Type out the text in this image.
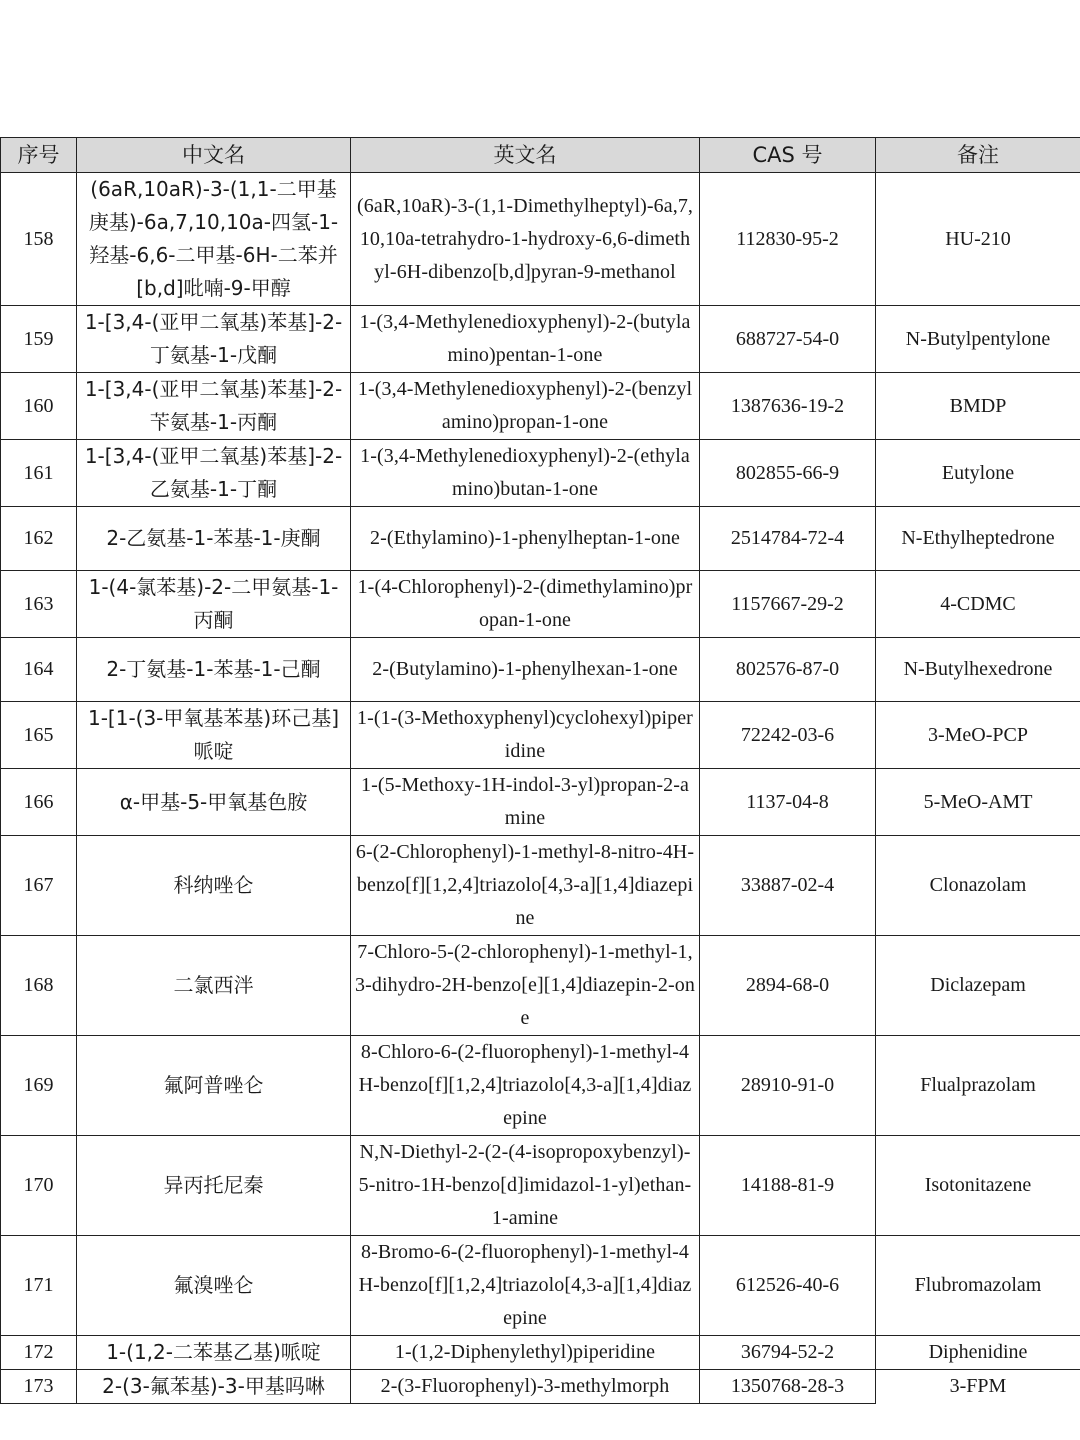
序号	中文名	英文名	CAS 号	备注
158	(6aR,10aR)-3-(1,1-二甲基庚基)-6a,7,10,10a-四氢-1-羟基-6,6-二甲基-6H-二苯并[b,d]吡喃-9-甲醇	(6aR,10aR)-3-(1,1-Dimethylheptyl)-6a,7,10,10a-tetrahydro-1-hydroxy-6,6-dimethyl-6H-dibenzo[b,d]pyran-9-methanol	112830-95-2	HU-210
159	1-[3,4-(亚甲二氧基)苯基]-2-丁氨基-1-戊酮	1-(3,4-Methylenedioxyphenyl)-2-(butylamino)pentan-1-one	688727-54-0	N-Butylpentylone
160	1-[3,4-(亚甲二氧基)苯基]-2-苄氨基-1-丙酮	1-(3,4-Methylenedioxyphenyl)-2-(benzylamino)propan-1-one	1387636-19-2	BMDP
161	1-[3,4-(亚甲二氧基)苯基]-2-乙氨基-1-丁酮	1-(3,4-Methylenedioxyphenyl)-2-(ethylamino)butan-1-one	802855-66-9	Eutylone
162	2-乙氨基-1-苯基-1-庚酮	2-(Ethylamino)-1-phenylheptan-1-one	2514784-72-4	N-Ethylheptedrone
163	1-(4-氯苯基)-2-二甲氨基-1-丙酮	1-(4-Chlorophenyl)-2-(dimethylamino)propan-1-one	1157667-29-2	4-CDMC
164	2-丁氨基-1-苯基-1-己酮	2-(Butylamino)-1-phenylhexan-1-one	802576-87-0	N-Butylhexedrone
165	1-[1-(3-甲氧基苯基)环己基]哌啶	1-(1-(3-Methoxyphenyl)cyclohexyl)piperidine	72242-03-6	3-MeO-PCP
166	α-甲基-5-甲氧基色胺	1-(5-Methoxy-1H-indol-3-yl)propan-2-amine	1137-04-8	5-MeO-AMT
167	科纳唑仑	6-(2-Chlorophenyl)-1-methyl-8-nitro-4H-benzo[f][1,2,4]triazolo[4,3-a][1,4]diazepine	33887-02-4	Clonazolam
168	二氯西泮	7-Chloro-5-(2-chlorophenyl)-1-methyl-1,3-dihydro-2H-benzo[e][1,4]diazepin-2-one	2894-68-0	Diclazepam
169	氟阿普唑仑	8-Chloro-6-(2-fluorophenyl)-1-methyl-4H-benzo[f][1,2,4]triazolo[4,3-a][1,4]diazepine	28910-91-0	Flualprazolam
170	异丙托尼秦	N,N-Diethyl-2-(2-(4-isopropoxybenzyl)-5-nitro-1H-benzo[d]imidazol-1-yl)ethan-1-amine	14188-81-9	Isotonitazene
171	氟溴唑仑	8-Bromo-6-(2-fluorophenyl)-1-methyl-4H-benzo[f][1,2,4]triazolo[4,3-a][1,4]diazepine	612526-40-6	Flubromazolam
172	1-(1,2-二苯基乙基)哌啶	1-(1,2-Diphenylethyl)piperidine	36794-52-2	Diphenidine
173	2-(3-氟苯基)-3-甲基吗啉	2-(3-Fluorophenyl)-3-methylmorph	1350768-28-3	3-FPM
